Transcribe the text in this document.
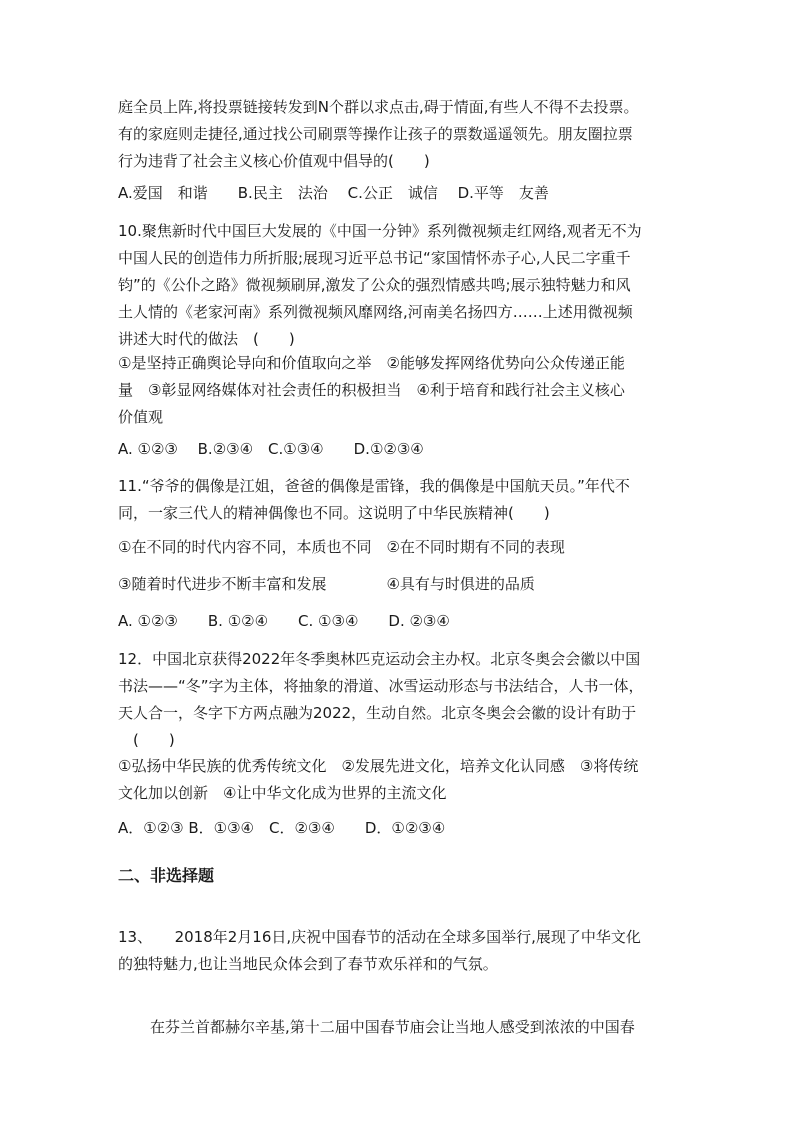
庭全员上阵,将投票链接转发到N个群以求点击,碍于情面,有些人不得不去投票。
有的家庭则走捷径,通过找公司刷票等操作让孩子的票数遥遥领先。朋友圈拉票
行为违背了社会主义核心价值观中倡导的(　　)
A.爱国　和谐　　B.民主　法治　 C.公正　诚信　 D.平等　友善
10.聚焦新时代中国巨大发展的《中国一分钟》系列微视频走红网络,观者无不为
中国人民的创造伟力所折服;展现习近平总书记“家国情怀赤子心,人民二字重千
钧”的《公仆之路》微视频刷屏,激发了公众的强烈情感共鸣;展示独特魅力和风
土人情的《老家河南》系列微视频风靡网络,河南美名扬四方……上述用微视频
讲述大时代的做法　(　　)
①是坚持正确舆论导向和价值取向之举　②能够发挥网络优势向公众传递正能
量　③彰显网络媒体对社会责任的积极担当　④利于培育和践行社会主义核心
价值观
A. ①②③　 B.②③④　C.①③④　　D.①②③④
11.“爷爷的偶像是江姐，爸爸的偶像是雷锋，我的偶像是中国航天员。”年代不
同，一家三代人的精神偶像也不同。这说明了中华民族精神(　　)
①在不同的时代内容不同，本质也不同　②在不同时期有不同的表现
③随着时代进步不断丰富和发展　　　　④具有与时俱进的品质
A. ①②③　　B. ①②④　　C. ①③④　　D. ②③④
12．中国北京获得2022年冬季奥林匹克运动会主办权。北京冬奥会会徽以中国
书法——“冬”字为主体，将抽象的滑道、冰雪运动形态与书法结合，人书一体，
天人合一，冬字下方两点融为2022，生动自然。北京冬奥会会徽的设计有助于
　(　　)
①弘扬中华民族的优秀传统文化　②发展先进文化，培养文化认同感　③将传统
文化加以创新　④让中华文化成为世界的主流文化
A．①②③ B．①③④　C．②③④　　D．①②③④
二、非选择题
13、　　2018年2月16日,庆祝中国春节的活动在全球多国举行,展现了中华文化
的独特魅力,也让当地民众体会到了春节欢乐祥和的气氛。
在芬兰首都赫尔辛基,第十二届中国春节庙会让当地人感受到浓浓的中国春
